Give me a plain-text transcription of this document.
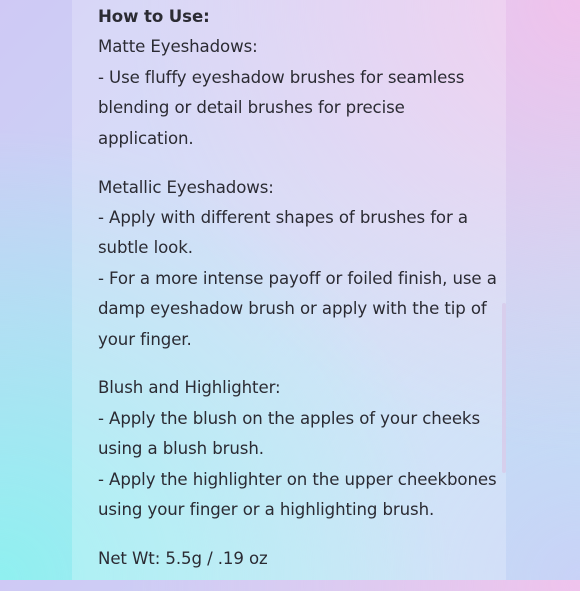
How to Use:

Matte Eyeshadows:

- Use fluffy eyeshadow brushes for seamless

blending or detail brushes for precise

application.

Metallic Eyeshadows:

- Apply with different shapes of brushes for a

subtle look.

- For a more intense payoff or foiled finish, use a

damp eyeshadow brush or apply with the tip of

your finger.

Blush and Highlighter:

- Apply the blush on the apples of your cheeks

using a blush brush.

- Apply the highlighter on the upper cheekbones

using your finger or a highlighting brush.

Net Wt: 5.5g / .19 oz
